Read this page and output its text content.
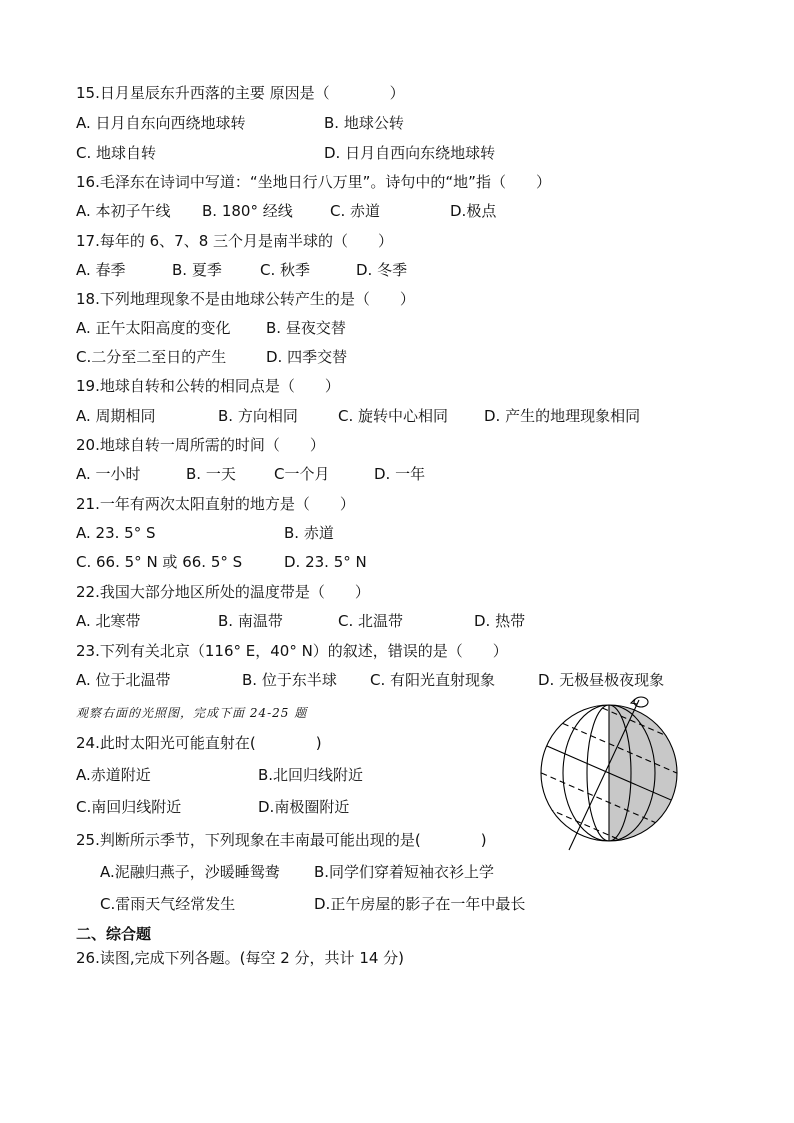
15.日月星辰东升西落的主要 原因是（　　　　）
A. 日月自东向西绕地球转	B. 地球公转
C. 地球自转	D. 日月自西向东绕地球转
16.毛泽东在诗词中写道：“坐地日行八万里”。诗句中的“地”指（　　）
A. 本初子午线 B. 180° 经线 C. 赤道	D.极点
17.每年的 6、7、8 三个月是南半球的（　　）
A. 春季	B. 夏季	C. 秋季	D. 冬季
18.下列地理现象不是由地球公转产生的是（　　）
A. 正午太阳高度的变化 B. 昼夜交替
C.二分至二至日的产生	D. 四季交替
19.地球自转和公转的相同点是（　　）
A. 周期相同	B. 方向相同	C. 旋转中心相同 D. 产生的地理现象相同
20.地球自转一周所需的时间（　　）
A. 一小时	B. 一天	C一个月	D. 一年
21.一年有两次太阳直射的地方是（　　）
A. 23. 5° S	B. 赤道
C. 66. 5° N 或 66. 5° S	D. 23. 5° N
22.我国大部分地区所处的温度带是（　　）
A. 北寒带	B. 南温带	C. 北温带	D. 热带
23.下列有关北京（116° E，40° N）的叙述，错误的是（　　）
A. 位于北温带	B. 位于东半球 C. 有阳光直射现象	D. 无极昼极夜现象
观察右面的光照图，完成下面 24-25 题
24.此时太阳光可能直射在(　　　　)
A.赤道附近	B.北回归线附近
C.南回归线附近	D.南极圈附近
25.判断所示季节，下列现象在丰南最可能出现的是(　　　　)
A.泥融归燕子，沙暖睡鸳鸯 B.同学们穿着短袖衣衫上学
C.雷雨天气经常发生	D.正午房屋的影子在一年中最长
二、综合题
26.读图,完成下列各题。(每空 2 分，共计 14 分)
